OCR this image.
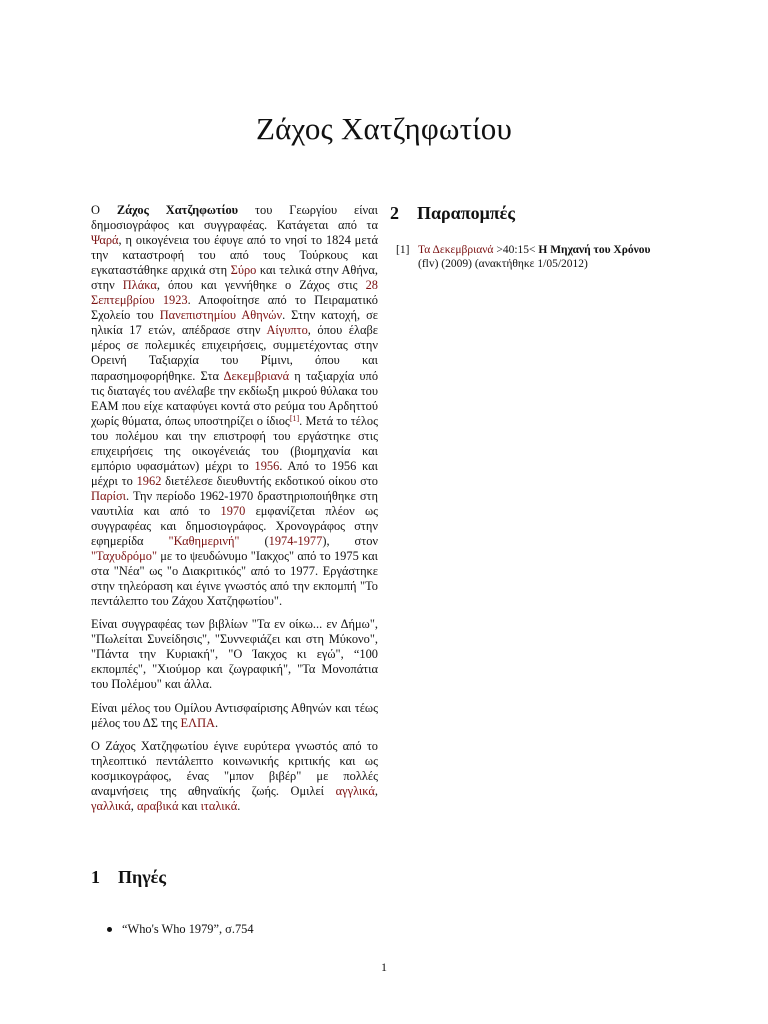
Ζάχος Χατζηφωτίου

Ο Ζάχος Χατζηφωτίου του Γεωργίου είναι δημοσιογράφος και συγγραφέας. Κατάγεται από τα Ψαρά, η οικογένεια του έφυγε από το νησί το 1824 μετά την καταστροφή του από τους Τούρκους και εγκαταστάθηκε αρχικά στη Σύρο και τελικά στην Αθήνα, στην Πλάκα, όπου και γεννήθηκε ο Ζάχος στις 28 Σεπτεμβρίου 1923. Αποφοίτησε από το Πειραματικό Σχολείο του Πανεπιστημίου Αθηνών. Στην κατοχή, σε ηλικία 17 ετών, απέδρασε στην Αίγυπτο, όπου έλαβε μέρος σε πολεμικές επιχειρήσεις, συμμετέχοντας στην Ορεινή Ταξιαρχία του Ρίμινι, όπου και παρασημοφορήθηκε. Στα Δεκεμβριανά η ταξιαρχία υπό τις διαταγές του ανέλαβε την εκδίωξη μικρού θύλακα του ΕΑΜ που είχε καταφύγει κοντά στο ρεύμα του Αρδηττού χωρίς θύματα, όπως υποστηρίζει ο ίδιος[1]. Μετά το τέλος του πολέμου και την επιστροφή του εργάστηκε στις επιχειρήσεις της οικογένειάς του (βιομηχανία και εμπόριο υφασμάτων) μέχρι το 1956. Από το 1956 και μέχρι το 1962 διετέλεσε διευθυντής εκδοτικού οίκου στο Παρίσι. Την περίοδο 1962-1970 δραστηριοποιήθηκε στη ναυτιλία και από το 1970 εμφανίζεται πλέον ως συγγραφέας και δημοσιογράφος. Χρονογράφος στην εφημερίδα "Καθημερινή" (1974-1977), στον "Ταχυδρόμο" με το ψευδώνυμο "Ιακχος" από το 1975 και στα "Νέα" ως "ο Διακριτικός" από το 1977. Εργάστηκε στην τηλεόραση και έγινε γνωστός από την εκπομπή "Το πεντάλεπτο του Ζάχου Χατζηφωτίου".

Είναι συγγραφέας των βιβλίων "Τα εν οίκω... εν Δήμω", "Πωλείται Συνείδησις", "Συννεφιάζει και στη Μύκονο", "Πάντα την Κυριακή", "Ο Ίακχος κι εγώ", “100 εκπομπές", "Χιούμορ και ζωγραφική", "Τα Μονοπάτια του Πολέμου" και άλλα.

Είναι μέλος του Ομίλου Αντισφαίρισης Αθηνών και τέως μέλος του ΔΣ της ΕΛΠΑ.

Ο Ζάχος Χατζηφωτίου έγινε ευρύτερα γνωστός από το τηλεοπτικό πεντάλεπτο κοινωνικής κριτικής και ως κοσμικογράφος, ένας "μπον βιβέρ" με πολλές αναμνήσεις της αθηναϊκής ζωής. Ομιλεί αγγλικά, γαλλικά, αραβικά και ιταλικά.

2	Παραπομπές
[1] Τα Δεκεμβριανά >40:15< Η Μηχανή του Χρόνου
(flv) (2009) (ανακτήθηκε 1/05/2012)
1	Πηγές
“Who's Who 1979”, σ.754
1
